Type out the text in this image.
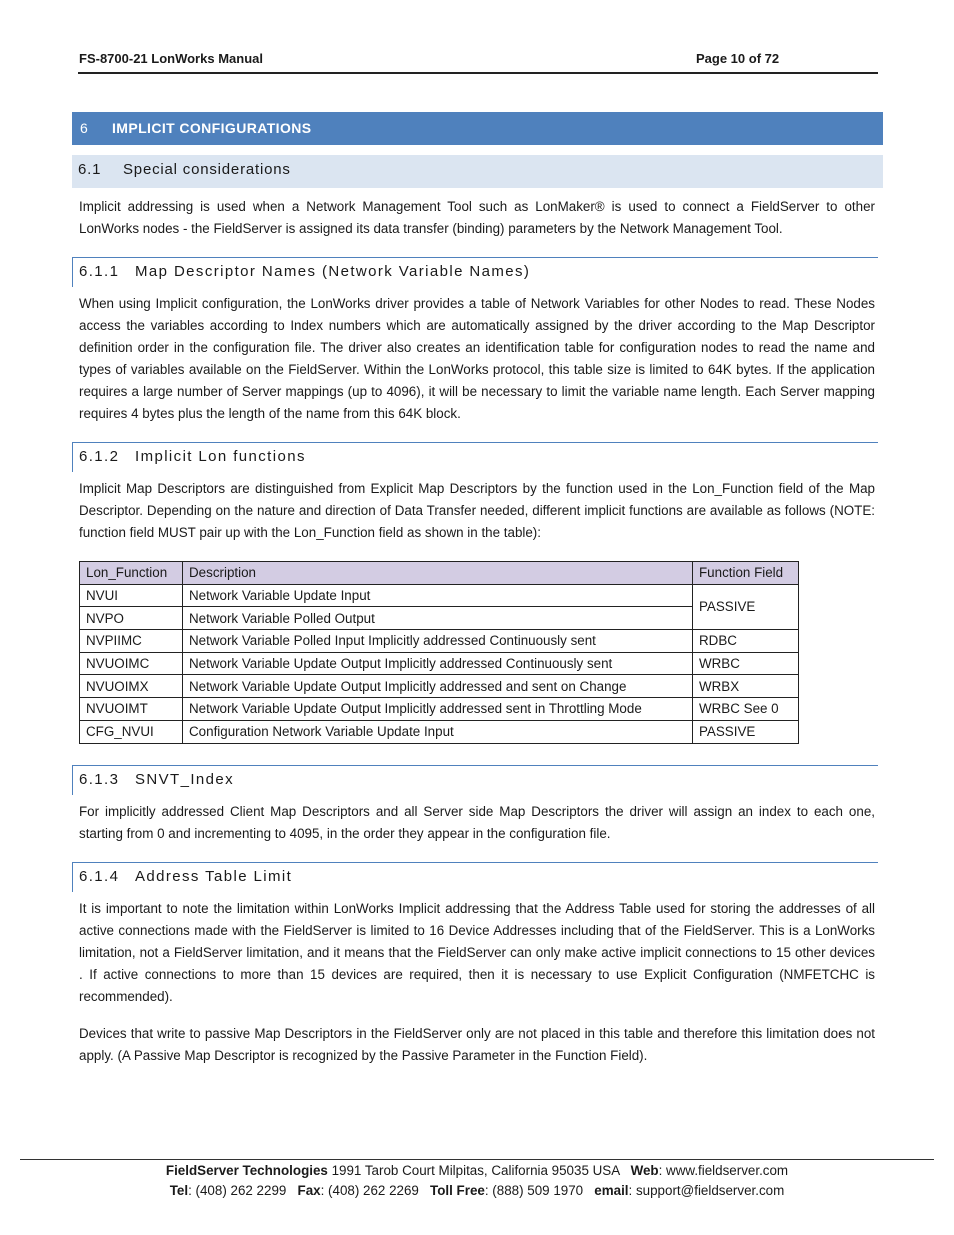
FS-8700-21 LonWorks Manual	Page 10 of 72
6 IMPLICIT CONFIGURATIONS
6.1 Special considerations
Implicit addressing is used when a Network Management Tool such as LonMaker® is used to connect a FieldServer to other LonWorks nodes - the FieldServer is assigned its data transfer (binding) parameters by the Network Management Tool.
6.1.1 Map Descriptor Names (Network Variable Names)
When using Implicit configuration, the LonWorks driver provides a table of Network Variables for other Nodes to read. These Nodes access the variables according to Index numbers which are automatically assigned by the driver according to the Map Descriptor definition order in the configuration file. The driver also creates an identification table for configuration nodes to read the name and types of variables available on the FieldServer. Within the LonWorks protocol, this table size is limited to 64K bytes. If the application requires a large number of Server mappings (up to 4096), it will be necessary to limit the variable name length. Each Server mapping requires 4 bytes plus the length of the name from this 64K block.
6.1.2 Implicit Lon functions
Implicit Map Descriptors are distinguished from Explicit Map Descriptors by the function used in the Lon_Function field of the Map Descriptor. Depending on the nature and direction of Data Transfer needed, different implicit functions are available as follows (NOTE: function field MUST pair up with the Lon_Function field as shown in the table):
Lon_Function	Description	Function Field
NVUI	Network Variable Update Input	PASSIVE
NVPO	Network Variable Polled Output	
NVPIIMC	Network Variable Polled Input Implicitly addressed Continuously sent	RDBC
NVUOIMC	Network Variable Update Output Implicitly addressed Continuously sent	WRBC
NVUOIMX	Network Variable Update Output Implicitly addressed and sent on Change	WRBX
NVUOIMT	Network Variable Update Output Implicitly addressed sent in Throttling Mode	WRBC See 0
CFG_NVUI	Configuration Network Variable Update Input	PASSIVE
6.1.3 SNVT_Index
For implicitly addressed Client Map Descriptors and all Server side Map Descriptors the driver will assign an index to each one, starting from 0 and incrementing to 4095, in the order they appear in the configuration file.
6.1.4 Address Table Limit
It is important to note the limitation within LonWorks Implicit addressing that the Address Table used for storing the addresses of all active connections made with the FieldServer is limited to 16 Device Addresses including that of the FieldServer. This is a LonWorks limitation, not a FieldServer limitation, and it means that the FieldServer can only make active implicit connections to 15 other devices . If active connections to more than 15 devices are required, then it is necessary to use Explicit Configuration (NMFETCHC is recommended).
Devices that write to passive Map Descriptors in the FieldServer only are not placed in this table and therefore this limitation does not apply. (A Passive Map Descriptor is recognized by the Passive Parameter in the Function Field).
FieldServer Technologies 1991 Tarob Court Milpitas, California 95035 USA   Web: www.fieldserver.com
Tel: (408) 262 2299   Fax: (408) 262 2269   Toll Free: (888) 509 1970   email: support@fieldserver.com
